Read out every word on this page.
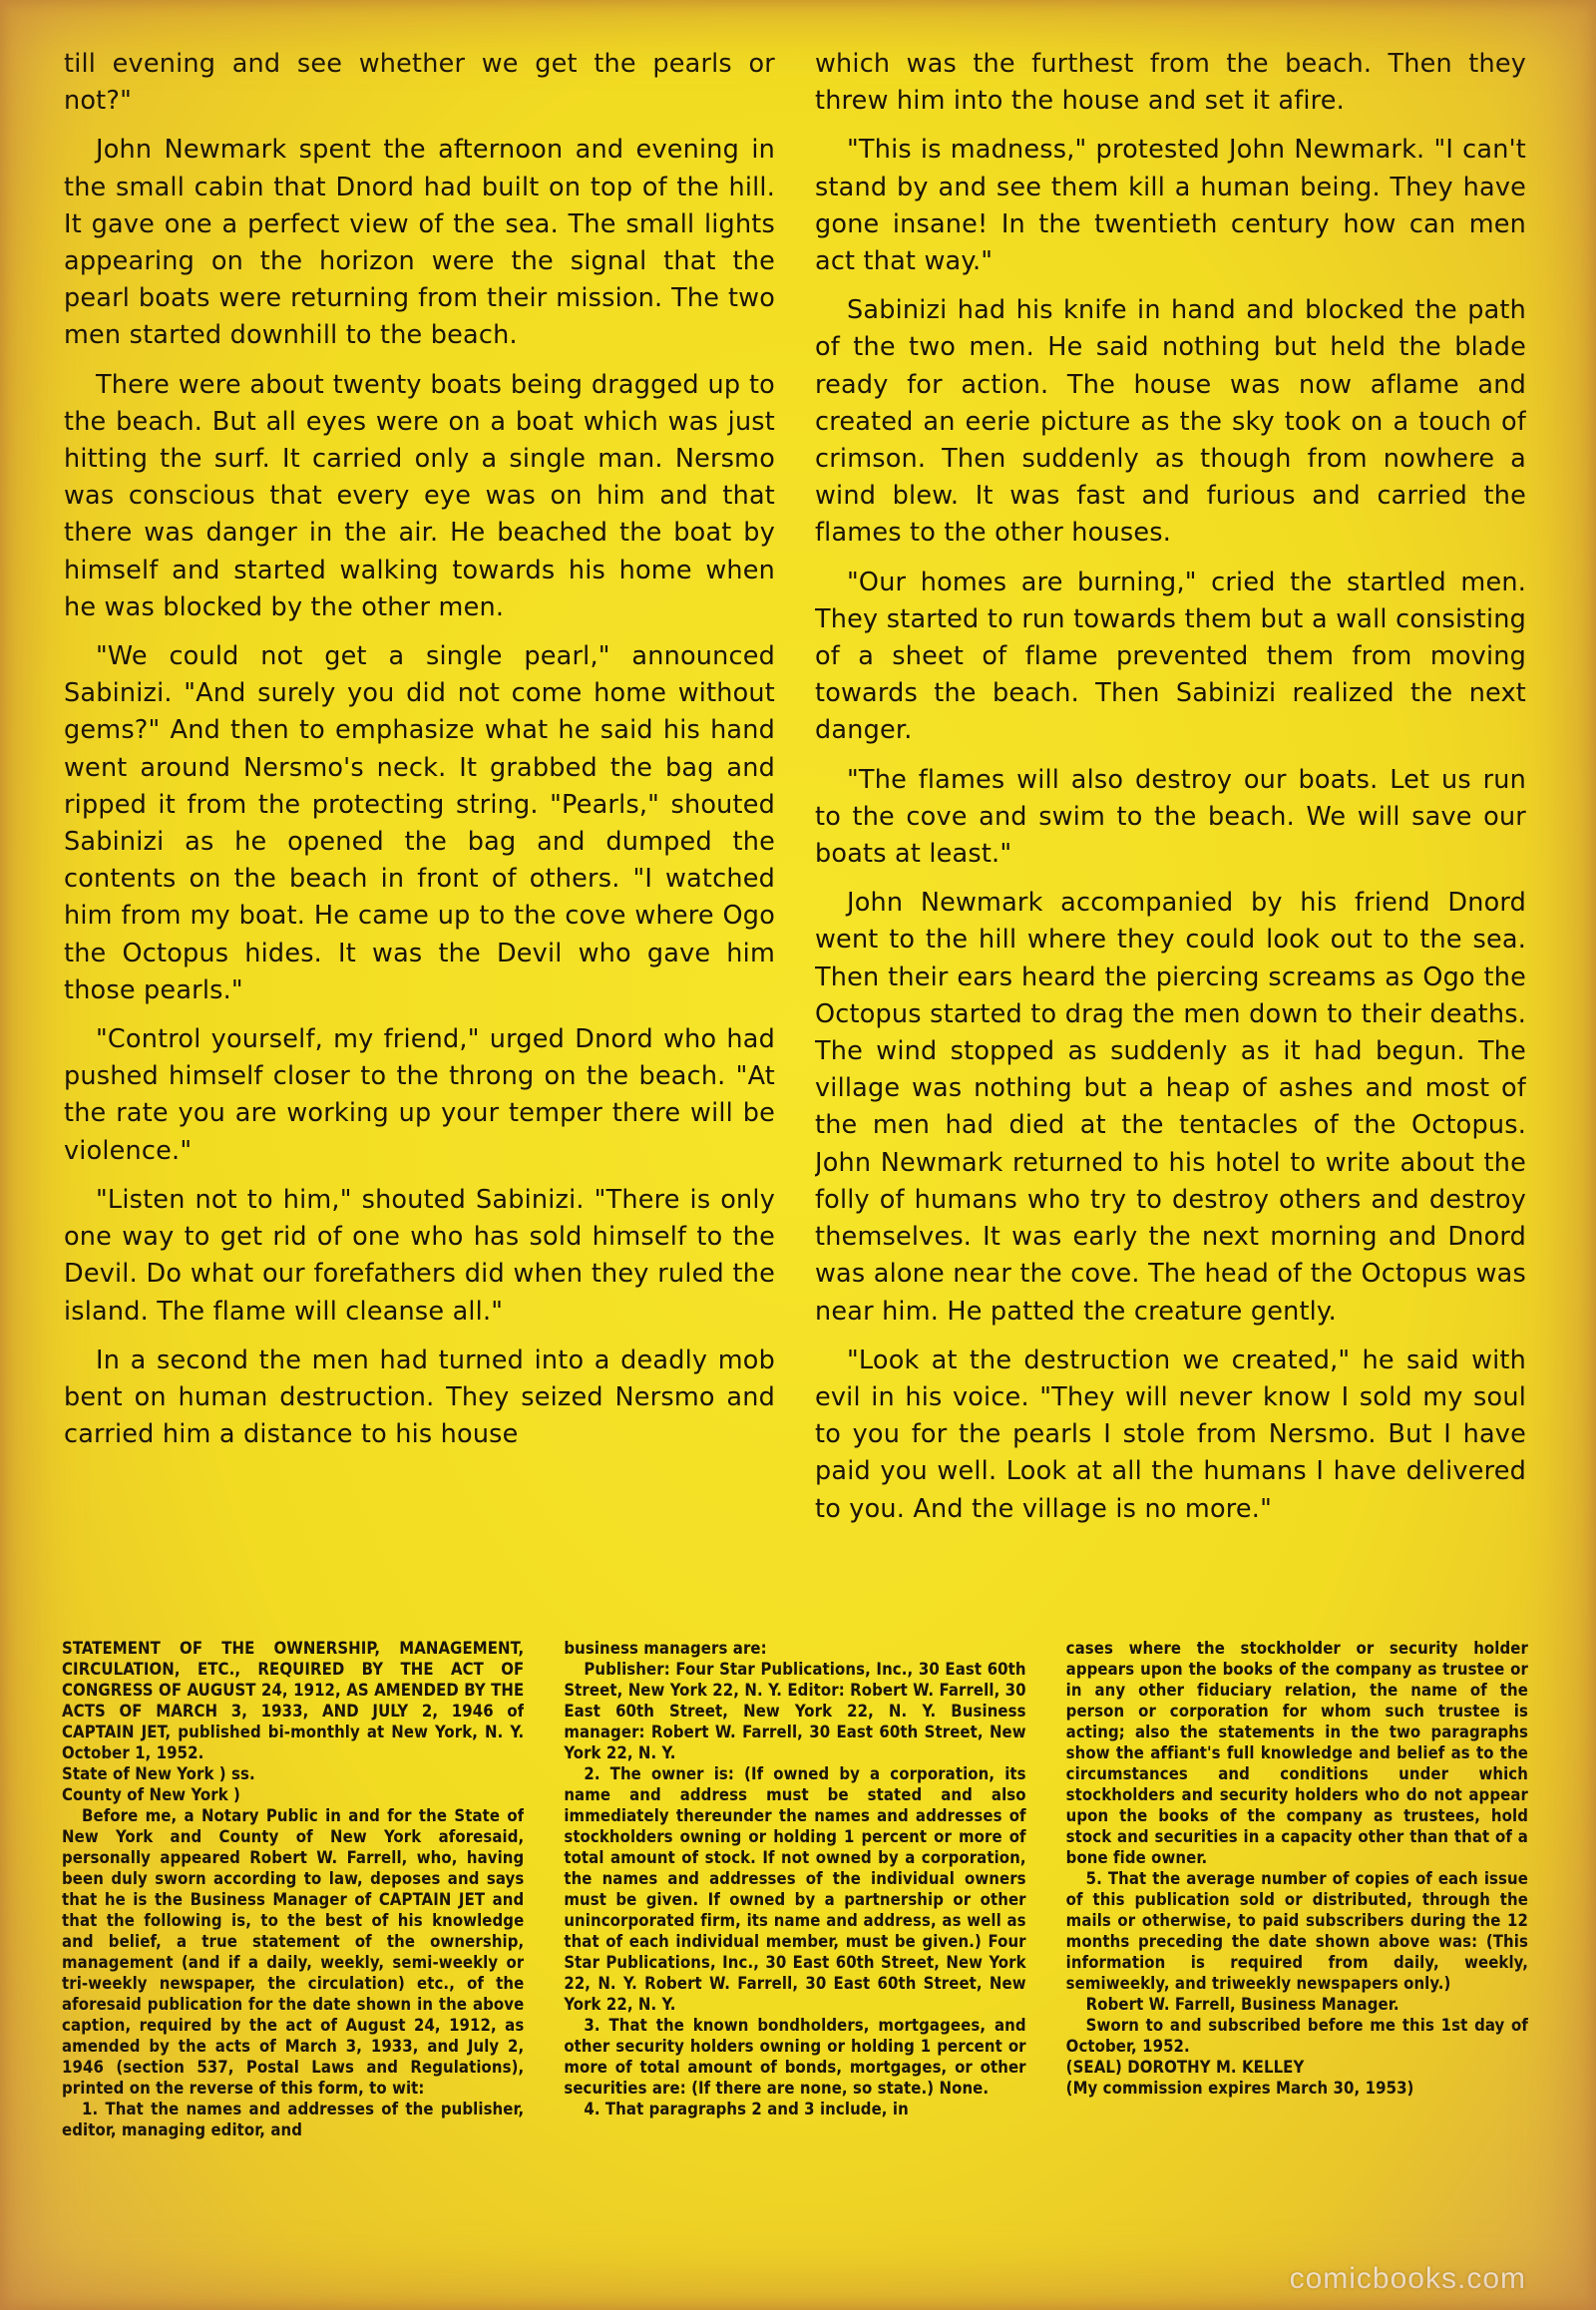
till evening and see whether we get the pearls or not?"

John Newmark spent the afternoon and evening in the small cabin that Dnord had built on top of the hill. It gave one a perfect view of the sea. The small lights appearing on the horizon were the signal that the pearl boats were returning from their mission. The two men started downhill to the beach.

There were about twenty boats being dragged up to the beach. But all eyes were on a boat which was just hitting the surf. It carried only a single man. Nersmo was conscious that every eye was on him and that there was danger in the air. He beached the boat by himself and started walking towards his home when he was blocked by the other men.

"We could not get a single pearl," announced Sabinizi. "And surely you did not come home without gems?" And then to emphasize what he said his hand went around Nersmo's neck. It grabbed the bag and ripped it from the protecting string. "Pearls," shouted Sabinizi as he opened the bag and dumped the contents on the beach in front of others. "I watched him from my boat. He came up to the cove where Ogo the Octopus hides. It was the Devil who gave him those pearls."

"Control yourself, my friend," urged Dnord who had pushed himself closer to the throng on the beach. "At the rate you are working up your temper there will be violence."

"Listen not to him," shouted Sabinizi. "There is only one way to get rid of one who has sold himself to the Devil. Do what our forefathers did when they ruled the island. The flame will cleanse all."

In a second the men had turned into a deadly mob bent on human destruction. They seized Nersmo and carried him a distance to his house

which was the furthest from the beach. Then they threw him into the house and set it afire.

"This is madness," protested John Newmark. "I can't stand by and see them kill a human being. They have gone insane! In the twentieth century how can men act that way."

Sabinizi had his knife in hand and blocked the path of the two men. He said nothing but held the blade ready for action. The house was now aflame and created an eerie picture as the sky took on a touch of crimson. Then suddenly as though from nowhere a wind blew. It was fast and furious and carried the flames to the other houses.

"Our homes are burning," cried the startled men. They started to run towards them but a wall consisting of a sheet of flame prevented them from moving towards the beach. Then Sabinizi realized the next danger.

"The flames will also destroy our boats. Let us run to the cove and swim to the beach. We will save our boats at least."

John Newmark accompanied by his friend Dnord went to the hill where they could look out to the sea. Then their ears heard the piercing screams as Ogo the Octopus started to drag the men down to their deaths. The wind stopped as suddenly as it had begun. The village was nothing but a heap of ashes and most of the men had died at the tentacles of the Octopus. John Newmark returned to his hotel to write about the folly of humans who try to destroy others and destroy themselves. It was early the next morning and Dnord was alone near the cove. The head of the Octopus was near him. He patted the creature gently.

"Look at the destruction we created," he said with evil in his voice. "They will never know I sold my soul to you for the pearls I stole from Nersmo. But I have paid you well. Look at all the humans I have delivered to you. And the village is no more."

STATEMENT OF THE OWNERSHIP, MANAGEMENT, CIRCULATION, ETC., REQUIRED BY THE ACT OF CONGRESS OF AUGUST 24, 1912, AS AMENDED BY THE ACTS OF MARCH 3, 1933, AND JULY 2, 1946 of CAPTAIN JET, published bi-monthly at New York, N. Y. October 1, 1952.

State of New York ) ss.

County of New York )

Before me, a Notary Public in and for the State of New York and County of New York aforesaid, personally appeared Robert W. Farrell, who, having been duly sworn according to law, deposes and says that he is the Business Manager of CAPTAIN JET and that the following is, to the best of his knowledge and belief, a true statement of the ownership, management (and if a daily, weekly, semi-weekly or tri-weekly newspaper, the circulation) etc., of the aforesaid publication for the date shown in the above caption, required by the act of August 24, 1912, as amended by the acts of March 3, 1933, and July 2, 1946 (section 537, Postal Laws and Regulations), printed on the reverse of this form, to wit:

1. That the names and addresses of the publisher, editor, managing editor, and

business managers are:

Publisher: Four Star Publications, Inc., 30 East 60th Street, New York 22, N. Y. Editor: Robert W. Farrell, 30 East 60th Street, New York 22, N. Y. Business manager: Robert W. Farrell, 30 East 60th Street, New York 22, N. Y.

2. The owner is: (If owned by a corporation, its name and address must be stated and also immediately thereunder the names and addresses of stockholders owning or holding 1 percent or more of total amount of stock. If not owned by a corporation, the names and addresses of the individual owners must be given. If owned by a partnership or other unincorporated firm, its name and address, as well as that of each individual member, must be given.) Four Star Publications, Inc., 30 East 60th Street, New York 22, N. Y. Robert W. Farrell, 30 East 60th Street, New York 22, N. Y.

3. That the known bondholders, mortgagees, and other security holders owning or holding 1 percent or more of total amount of bonds, mortgages, or other securities are: (If there are none, so state.) None.

4. That paragraphs 2 and 3 include, in

cases where the stockholder or security holder appears upon the books of the company as trustee or in any other fiduciary relation, the name of the person or corporation for whom such trustee is acting; also the statements in the two paragraphs show the affiant's full knowledge and belief as to the circumstances and conditions under which stockholders and security holders who do not appear upon the books of the company as trustees, hold stock and securities in a capacity other than that of a bone fide owner.

5. That the average number of copies of each issue of this publication sold or distributed, through the mails or otherwise, to paid subscribers during the 12 months preceding the date shown above was: (This information is required from daily, weekly, semiweekly, and triweekly newspapers only.)

Robert W. Farrell, Business Manager.

Sworn to and subscribed before me this 1st day of October, 1952.

(SEAL) DOROTHY M. KELLEY

(My commission expires March 30, 1953)

comicbooks.com
